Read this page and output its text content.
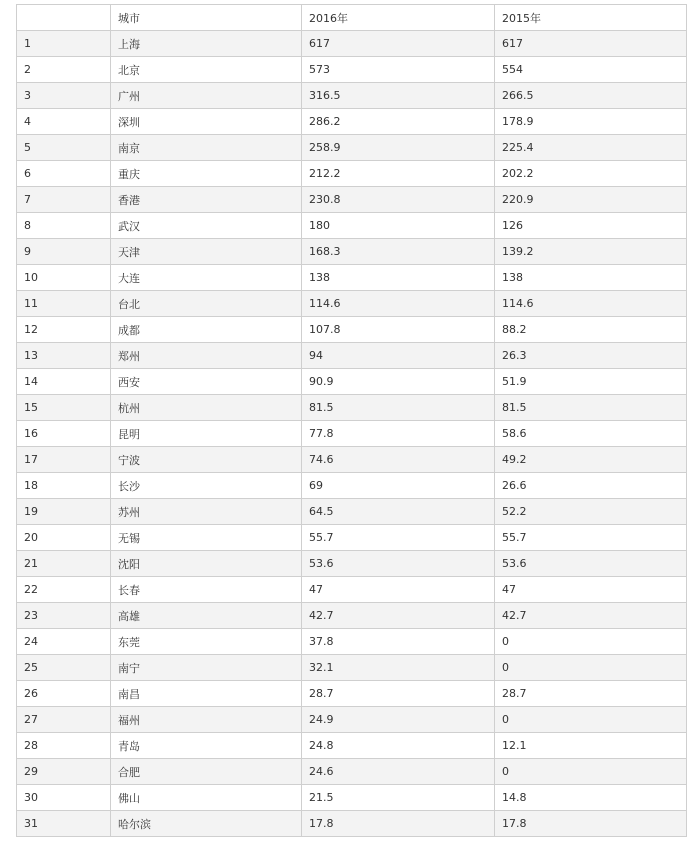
	城市	2016年	2015年
1	上海	617	617
2	北京	573	554
3	广州	316.5	266.5
4	深圳	286.2	178.9
5	南京	258.9	225.4
6	重庆	212.2	202.2
7	香港	230.8	220.9
8	武汉	180	126
9	天津	168.3	139.2
10	大连	138	138
11	台北	114.6	114.6
12	成都	107.8	88.2
13	郑州	94	26.3
14	西安	90.9	51.9
15	杭州	81.5	81.5
16	昆明	77.8	58.6
17	宁波	74.6	49.2
18	长沙	69	26.6
19	苏州	64.5	52.2
20	无锡	55.7	55.7
21	沈阳	53.6	53.6
22	长春	47	47
23	高雄	42.7	42.7
24	东莞	37.8	0
25	南宁	32.1	0
26	南昌	28.7	28.7
27	福州	24.9	0
28	青岛	24.8	12.1
29	合肥	24.6	0
30	佛山	21.5	14.8
31	哈尔滨	17.8	17.8
